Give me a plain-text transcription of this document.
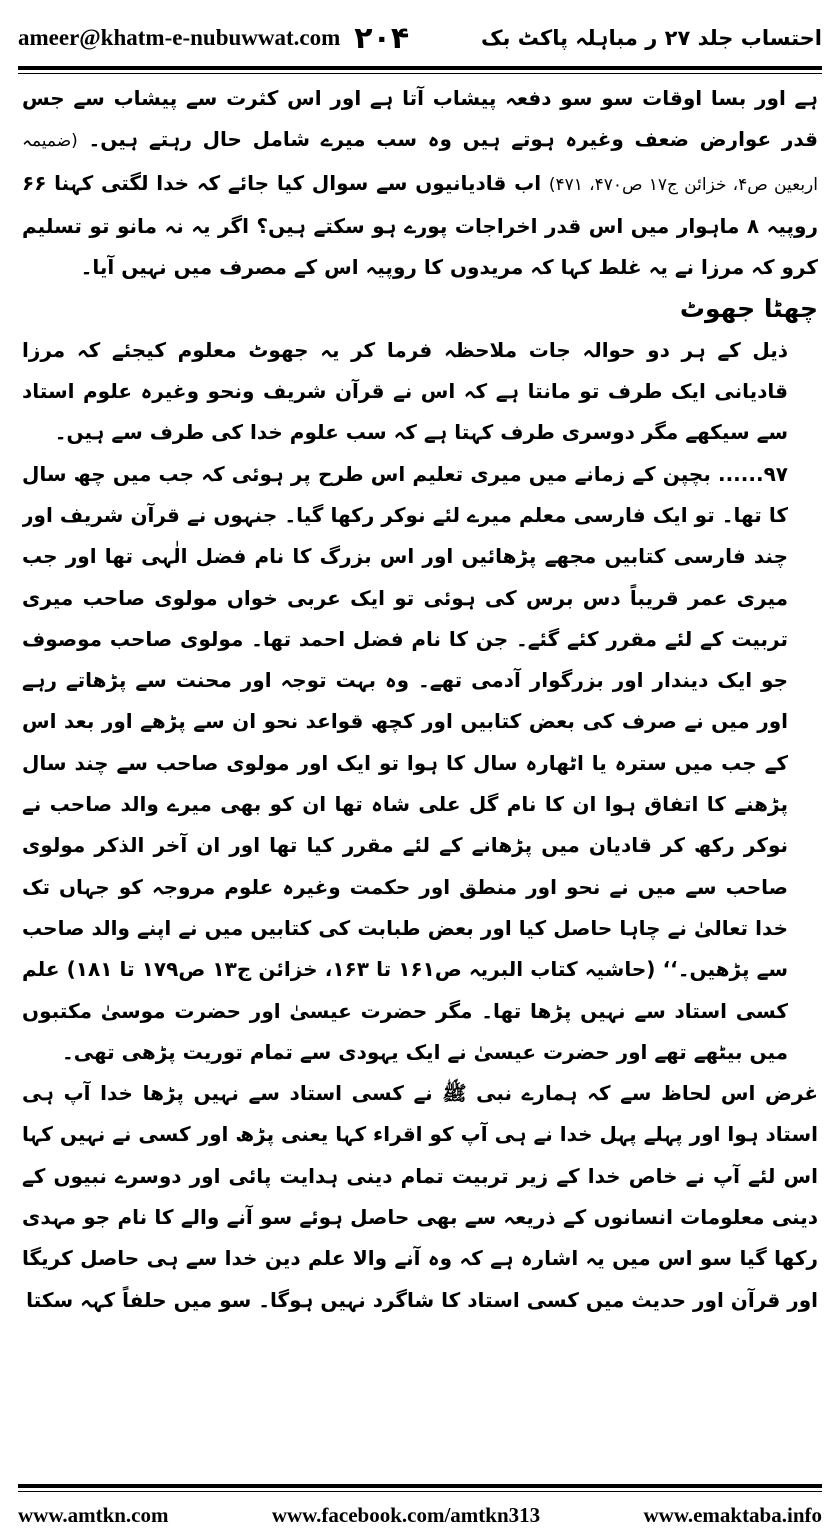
ameer@khatm-e-nubuwwat.com ۲۰۴	احتساب جلد ۲۷ ر مباہلہ پاکٹ بک

ہے اور بسا اوقات سو سو دفعہ پیشاب آتا ہے اور اس کثرت سے پیشاب سے جس قدر عوارض ضعف وغیرہ ہوتے ہیں وہ سب میرے شامل حال رہتے ہیں۔ (ضمیمہ اربعین ص۴، خزائن ج۱۷ ص۴۷۰، ۴۷۱) اب قادیانیوں سے سوال کیا جائے کہ خدا لگتی کہنا ۶۶ روپیہ ۸ ماہوار میں اس قدر اخراجات پورے ہو سکتے ہیں؟ اگر یہ نہ مانو تو تسلیم کرو کہ مرزا نے یہ غلط کہا کہ مریدوں کا روپیہ اس کے مصرف میں نہیں آیا۔

چھٹا جھوٹ

ذیل کے ہر دو حوالہ جات ملاحظہ فرما کر یہ جھوٹ معلوم کیجئے کہ مرزا قادیانی ایک طرف تو مانتا ہے کہ اس نے قرآن شریف ونحو وغیرہ علوم استاد سے سیکھے مگر دوسری طرف کہتا ہے کہ سب علوم خدا کی طرف سے ہیں۔

۹۷...... بچپن کے زمانے میں میری تعلیم اس طرح پر ہوئی کہ جب میں چھ سال کا تھا۔ تو ایک فارسی معلم میرے لئے نوکر رکھا گیا۔ جنہوں نے قرآن شریف اور چند فارسی کتابیں مجھے پڑھائیں اور اس بزرگ کا نام فضل الٰہی تھا اور جب میری عمر قریباً دس برس کی ہوئی تو ایک عربی خواں مولوی صاحب میری تربیت کے لئے مقرر کئے گئے۔ جن کا نام فضل احمد تھا۔ مولوی صاحب موصوف جو ایک دیندار اور بزرگوار آدمی تھے۔ وہ بہت توجہ اور محنت سے پڑھاتے رہے اور میں نے صرف کی بعض کتابیں اور کچھ قواعد نحو ان سے پڑھے اور بعد اس کے جب میں سترہ یا اٹھارہ سال کا ہوا تو ایک اور مولوی صاحب سے چند سال پڑھنے کا اتفاق ہوا ان کا نام گل علی شاہ تھا ان کو بھی میرے والد صاحب نے نوکر رکھ کر قادیان میں پڑھانے کے لئے مقرر کیا تھا اور ان آخر الذکر مولوی صاحب سے میں نے نحو اور منطق اور حکمت وغیرہ علوم مروجہ کو جہاں تک خدا تعالیٰ نے چاہا حاصل کیا اور بعض طبابت کی کتابیں میں نے اپنے والد صاحب سے پڑھیں۔‘‘ (حاشیہ کتاب البریہ ص۱۶۱ تا ۱۶۳، خزائن ج۱۳ ص۱۷۹ تا ۱۸۱) علم کسی استاد سے نہیں پڑھا تھا۔ مگر حضرت عیسیٰ اور حضرت موسیٰ مکتبوں میں بیٹھے تھے اور حضرت عیسیٰ نے ایک یہودی سے تمام توریت پڑھی تھی۔

غرض اس لحاظ سے کہ ہمارے نبی ﷺ نے کسی استاد سے نہیں پڑھا خدا آپ ہی استاد ہوا اور پہلے پہل خدا نے ہی آپ کو اقراء کہا یعنی پڑھ اور کسی نے نہیں کہا اس لئے آپ نے خاص خدا کے زیر تربیت تمام دینی ہدایت پائی اور دوسرے نبیوں کے دینی معلومات انسانوں کے ذریعہ سے بھی حاصل ہوئے سو آنے والے کا نام جو مہدی رکھا گیا سو اس میں یہ اشارہ ہے کہ وہ آنے والا علم دین خدا سے ہی حاصل کریگا اور قرآن اور حدیث میں کسی استاد کا شاگرد نہیں ہوگا۔ سو میں حلفاً کہہ سکتا

www.amtkn.com	www.facebook.com/amtkn313	www.emaktaba.info
